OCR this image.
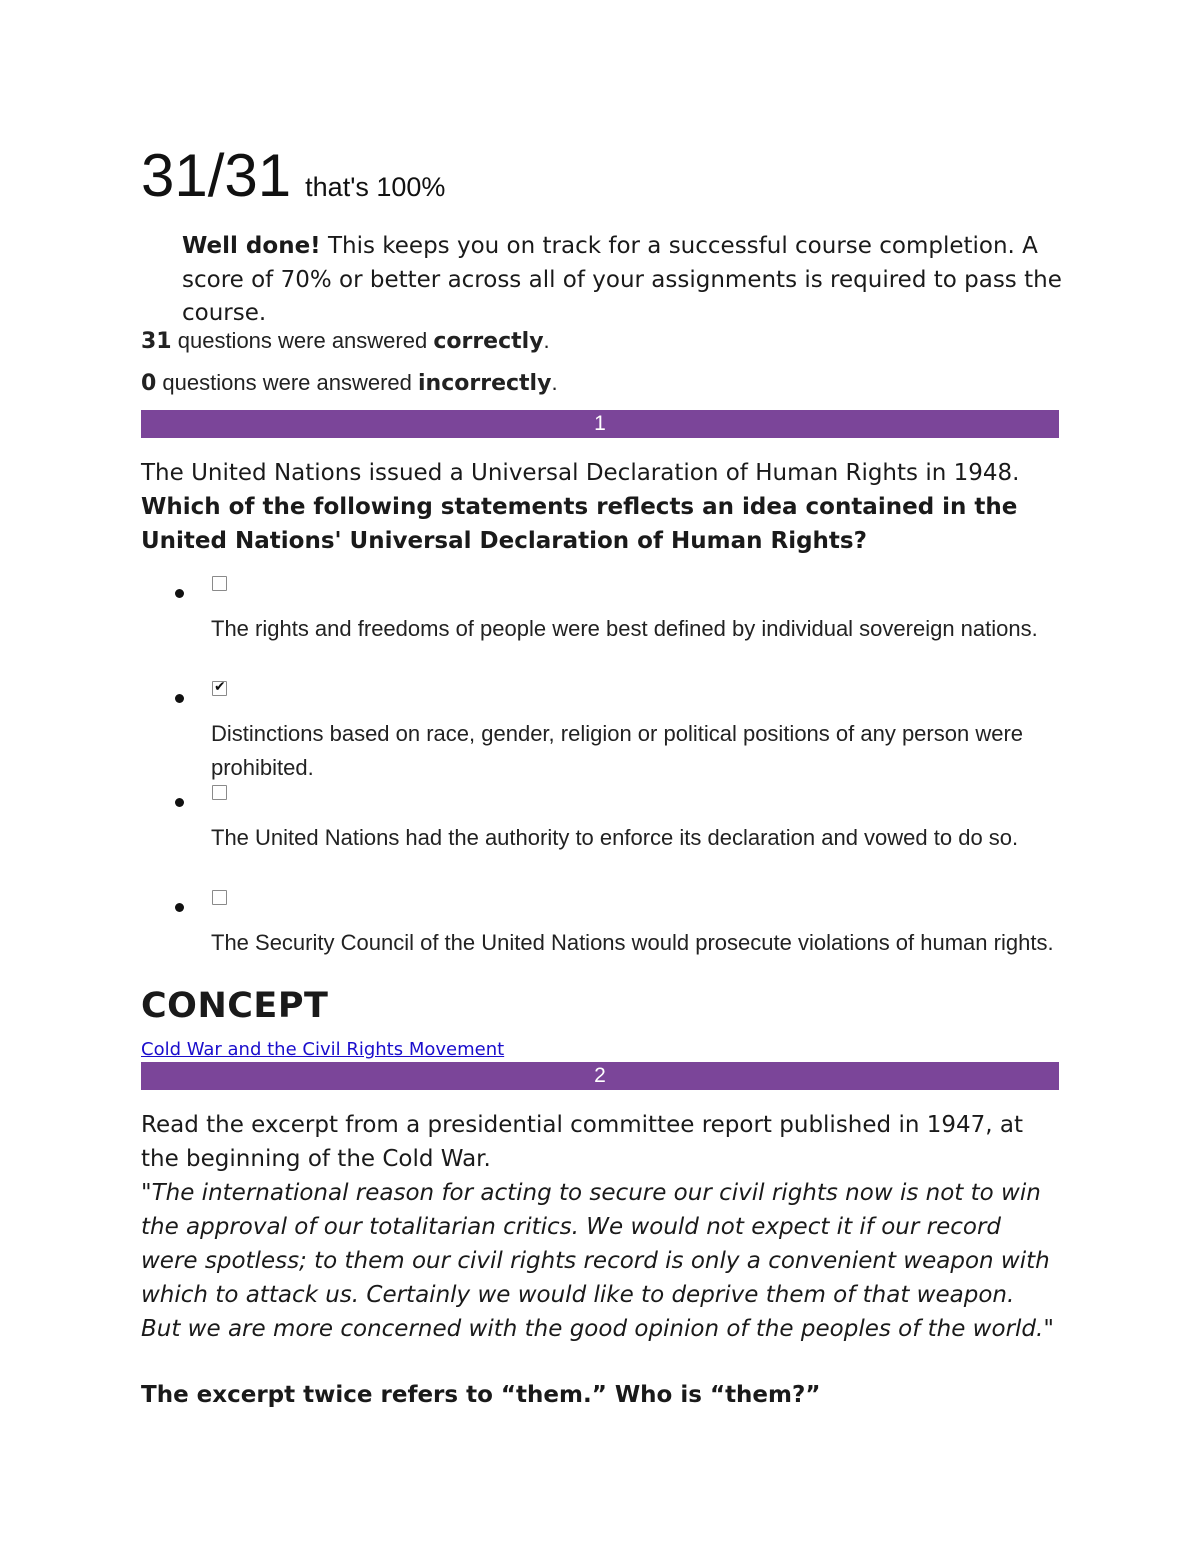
31/31 that's 100%
Well done! This keeps you on track for a successful course completion. A score of 70% or better across all of your assignments is required to pass the course.
31 questions were answered correctly.
0 questions were answered incorrectly.
1
The United Nations issued a Universal Declaration of Human Rights in 1948.
Which of the following statements reflects an idea contained in the United Nations' Universal Declaration of Human Rights?
The rights and freedoms of people were best defined by individual sovereign nations.
✔
Distinctions based on race, gender, religion or political positions of any person were prohibited.
The United Nations had the authority to enforce its declaration and vowed to do so.
The Security Council of the United Nations would prosecute violations of human rights.
CONCEPT
Cold War and the Civil Rights Movement
2
Read the excerpt from a presidential committee report published in 1947, at the beginning of the Cold War.
"The international reason for acting to secure our civil rights now is not to win the approval of our totalitarian critics. We would not expect it if our record were spotless; to them our civil rights record is only a convenient weapon with which to attack us. Certainly we would like to deprive them of that weapon. But we are more concerned with the good opinion of the peoples of the world."
The excerpt twice refers to “them.” Who is “them?”
